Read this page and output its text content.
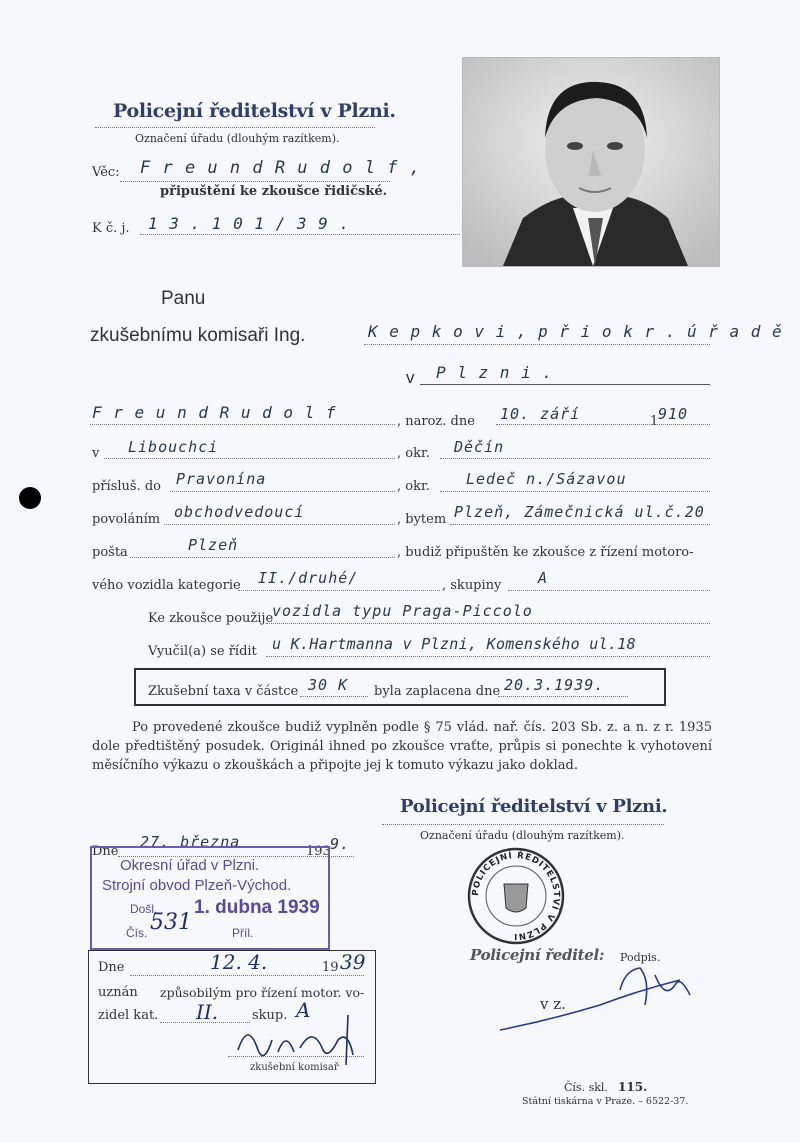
Policejní ředitelství v Plzni.
Označení úřadu (dlouhým razítkem).
Věc: F r e u n d R u d o l f ,
připuštění ke zkoušce řidičské.
K č. j. 1 3 . 1 0 1 / 3 9 .
Panu
zkušebnímu komisaři Ing.	K e p k o v i , p ř i o k r . ú ř a d ě
v P l z n i .
F r e u n d R u d o l f	, naroz. dne 10. září	1 910
v Libouchci	, okr. Děčín
přísluš. do Pravonína	, okr. Ledeč n./Sázavou
povoláním obchodvedoucí	, bytem Plzeň, Zámečnická ul.č.20
pošta	Plzeň	, budiž připuštěn ke zkoušce z řízení motoro-
vého vozidla kategorie II./druhé/	, skupiny A
Ke zkoušce použije
vozidla typu Praga-Piccolo
Vyučil(a) se řídit u K.Hartmanna v Plzni, Komenského ul.18
Zkušební taxa v částce 30 K byla zaplacena dne 20.3.1939.
Po provedené zkoušce budiž vyplněn podle § 75 vlád. nař. čís. 203 Sb. z. a n. z r. 1935 dole předtištěný posudek. Originál ihned po zkoušce vraťte, průpis si ponechte k vyhotovení měsíčního výkazu o zkouškách a připojte jej k tomuto výkazu jako doklad.
Policejní ředitelství v Plzni.
Označení úřadu (dlouhým razítkem).
Dne
27. března
193 9.
Okresní úřad v Plzni.
Strojní obvod Plzeň-Východ.
Došl. 1. dubna 1939
Čís. 531	Příl.
POLICEJNÍ ŘEDITELSTVÍ V PLZNI
Policejní ředitel: Podpis.
v z.
Dne	12. 4.	19 39
uznán způsobilým pro řízení motor. vo-
zidel kat. II.	skup. A
zkušební komisař
Čís. skl. 115.
Státní tiskárna v Praze. – 6522-37.
